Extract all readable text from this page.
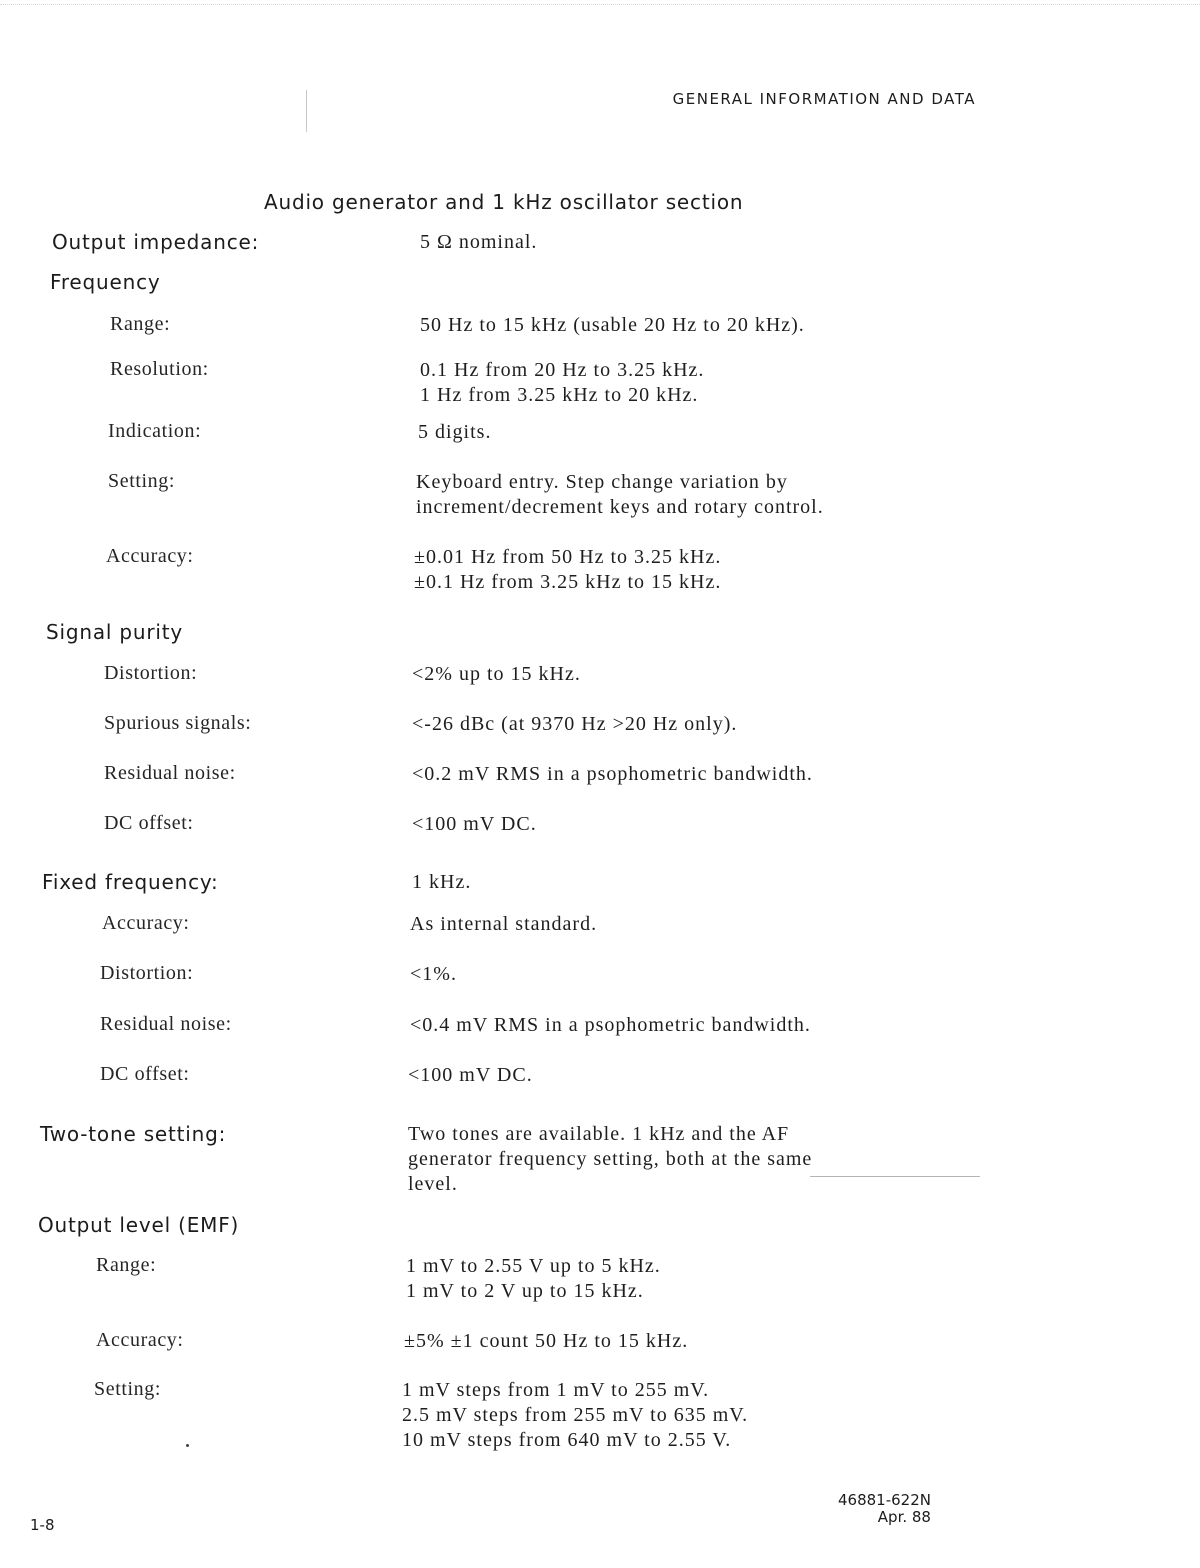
GENERAL INFORMATION AND DATA
Audio generator and 1 kHz oscillator section
Output impedance:	5 Ω nominal.
Frequency
Range:	50 Hz to 15 kHz (usable 20 Hz to 20 kHz).
Resolution:	0.1 Hz from 20 Hz to 3.25 kHz.
1 Hz from 3.25 kHz to 20 kHz.
Indication:	5 digits.
Setting:	Keyboard entry. Step change variation by
increment/decrement keys and rotary control.
Accuracy:	±0.01 Hz from 50 Hz to 3.25 kHz.
±0.1 Hz from 3.25 kHz to 15 kHz.
Signal purity
Distortion:	<2% up to 15 kHz.
Spurious signals:	<-26 dBc (at 9370 Hz >20 Hz only).
Residual noise:	<0.2 mV RMS in a psophometric bandwidth.
DC offset:	<100 mV DC.
Fixed frequency:	1 kHz.
Accuracy:	As internal standard.
Distortion:	<1%.
Residual noise:	<0.4 mV RMS in a psophometric bandwidth.
DC offset:	<100 mV DC.
Two-tone setting:	Two tones are available. 1 kHz and the AF
generator frequency setting, both at the same
level.
Output level (EMF)
Range:	1 mV to 2.55 V up to 5 kHz.
1 mV to 2 V up to 15 kHz.
Accuracy:	±5% ±1 count 50 Hz to 15 kHz.
Setting:	1 mV steps from 1 mV to 255 mV.
2.5 mV steps from 255 mV to 635 mV.
10 mV steps from 640 mV to 2.55 V.
1-8
46881-622N
Apr. 88
